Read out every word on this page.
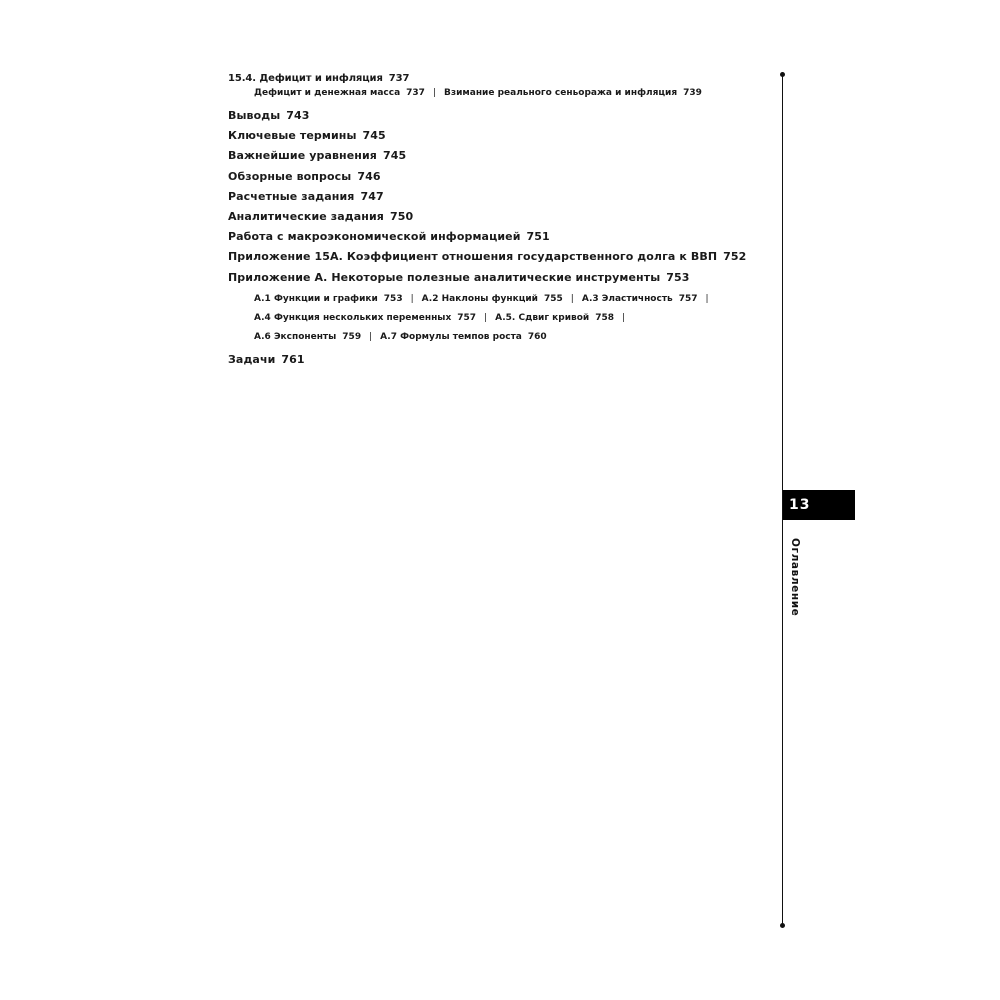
15.4. Дефицит и инфляция 737
Дефицит и денежная масса 737 | Взимание реального сеньоража и инфляция 739
Выводы 743
Ключевые термины 745
Важнейшие уравнения 745
Обзорные вопросы 746
Расчетные задания 747
Аналитические задания 750
Работа с макроэкономической информацией 751
Приложение 15А. Коэффициент отношения государственного долга к ВВП 752
Приложение А. Некоторые полезные аналитические инструменты 753
A.1 Функции и графики 753 | A.2 Наклоны функций 755 | A.3 Эластичность 757 |
A.4 Функция нескольких переменных 757 | A.5. Сдвиг кривой 758 |
A.6 Экспоненты 759 | A.7 Формулы темпов роста 760
Задачи 761
13
Оглавление
